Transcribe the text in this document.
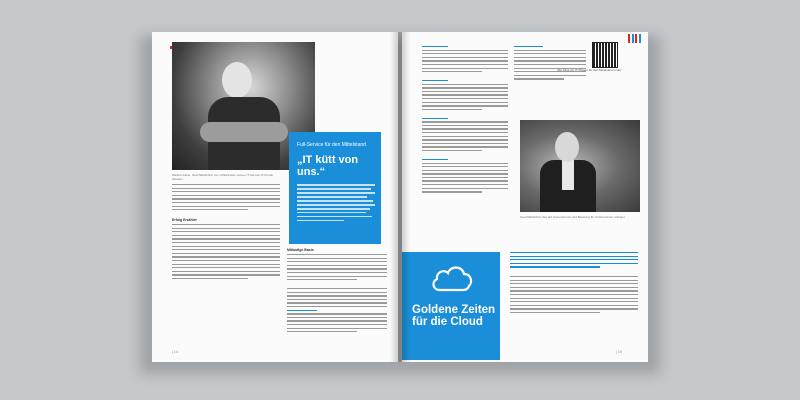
Markus Fabel, Geschäftsführer von «Mitarbeiter name» IT-Service-IT-Kunde arbeiten.
Full-Service für den Mittelstand
„IT kütt von uns.“
Erfolg Erzähler
Mitlaufige Basis
| 14
Alle Infos zur IT-Plagen für den Mittelstand unter:
Geschäftsführer des auf Unternehmen und Beratung für Unternehmen anbieter.
Goldene Zeiten für die Cloud
| 15
